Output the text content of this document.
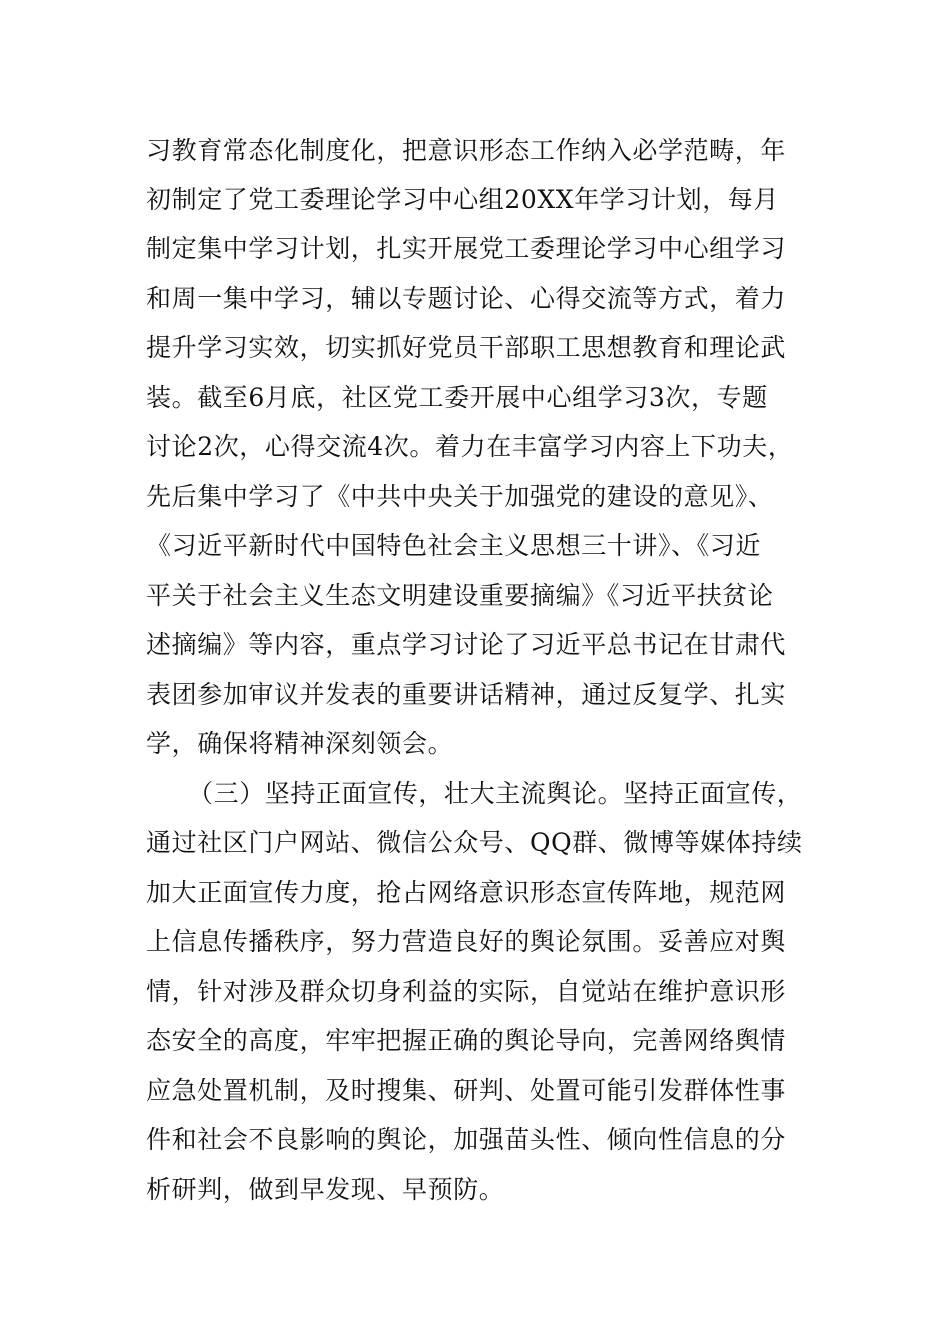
习教育常态化制度化，把意识形态工作纳入必学范畴，年
初制定了党工委理论学习中心组20XX年学习计划，每月
制定集中学习计划，扎实开展党工委理论学习中心组学习
和周一集中学习，辅以专题讨论、心得交流等方式，着力
提升学习实效，切实抓好党员干部职工思想教育和理论武
装。截至6月底，社区党工委开展中心组学习3次，专题
讨论2次，心得交流4次。着力在丰富学习内容上下功夫，
先后集中学习了《中共中央关于加强党的建设的意见》、
《习近平新时代中国特色社会主义思想三十讲》、《习近
平关于社会主义生态文明建设重要摘编》《习近平扶贫论
述摘编》等内容，重点学习讨论了习近平总书记在甘肃代
表团参加审议并发表的重要讲话精神，通过反复学、扎实
学，确保将精神深刻领会。
（三）坚持正面宣传，壮大主流舆论。坚持正面宣传，
通过社区门户网站、微信公众号、QQ群、微博等媒体持续
加大正面宣传力度，抢占网络意识形态宣传阵地，规范网
上信息传播秩序，努力营造良好的舆论氛围。妥善应对舆
情，针对涉及群众切身利益的实际，自觉站在维护意识形
态安全的高度，牢牢把握正确的舆论导向，完善网络舆情
应急处置机制，及时搜集、研判、处置可能引发群体性事
件和社会不良影响的舆论，加强苗头性、倾向性信息的分
析研判，做到早发现、早预防。
